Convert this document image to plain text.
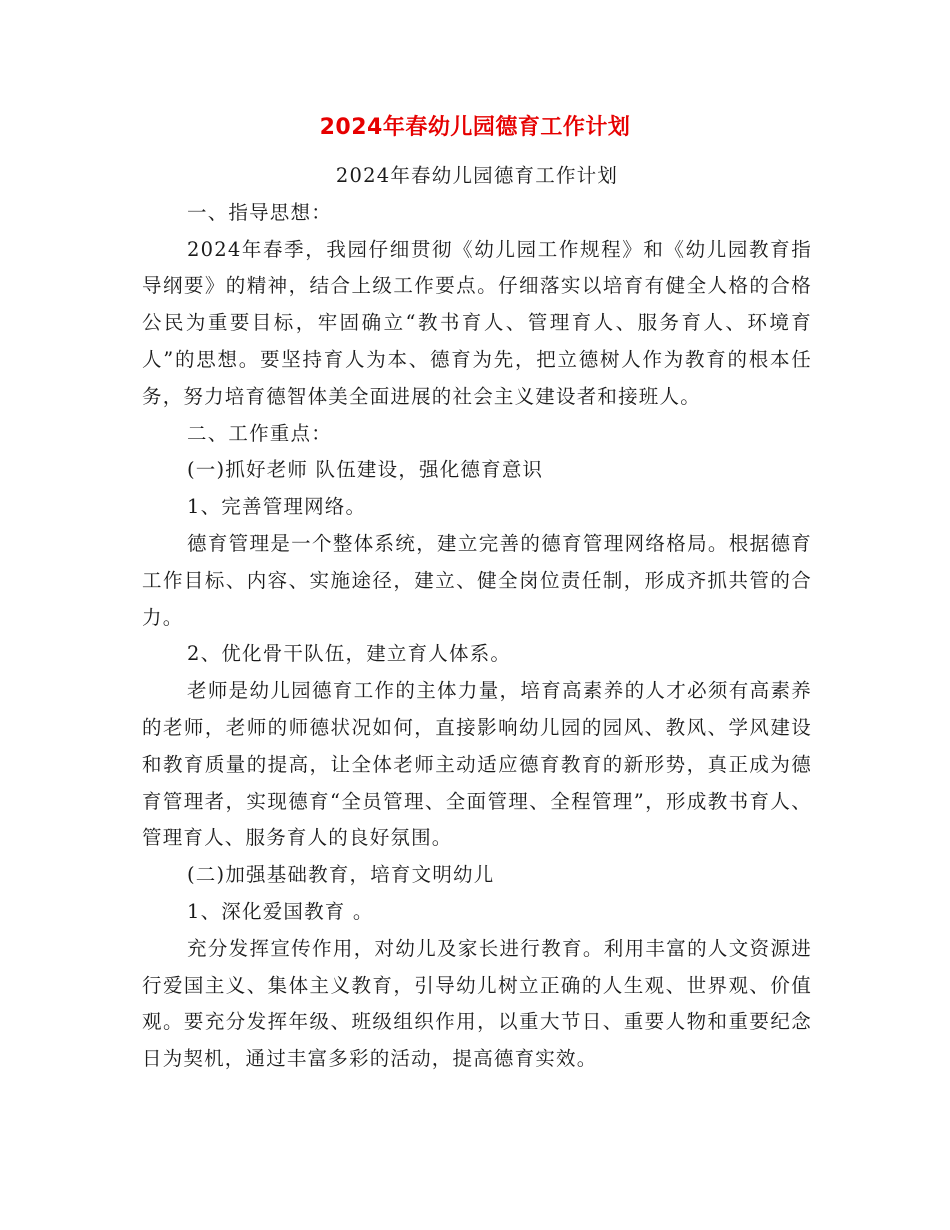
2024年春幼儿园德育工作计划

2024年春幼儿园德育工作计划

一、指导思想：

2024年春季，我园仔细贯彻《幼儿园工作规程》和《幼儿园教育指导纲要》的精神，结合上级工作要点。仔细落实以培育有健全人格的合格公民为重要目标，牢固确立“教书育人、管理育人、服务育人、环境育人”的思想。要坚持育人为本、德育为先，把立德树人作为教育的根本任务，努力培育德智体美全面进展的社会主义建设者和接班人。

二、工作重点：

(一)抓好老师 队伍建设，强化德育意识

1、完善管理网络。

德育管理是一个整体系统，建立完善的德育管理网络格局。根据德育工作目标、内容、实施途径，建立、健全岗位责任制，形成齐抓共管的合力。

2、优化骨干队伍，建立育人体系。

老师是幼儿园德育工作的主体力量，培育高素养的人才必须有高素养的老师，老师的师德状况如何，直接影响幼儿园的园风、教风、学风建设和教育质量的提高，让全体老师主动适应德育教育的新形势，真正成为德育管理者，实现德育“全员管理、全面管理、全程管理”，形成教书育人、管理育人、服务育人的良好氛围。

(二)加强基础教育，培育文明幼儿

1、深化爱国教育 。

充分发挥宣传作用，对幼儿及家长进行教育。利用丰富的人文资源进行爱国主义、集体主义教育，引导幼儿树立正确的人生观、世界观、价值观。要充分发挥年级、班级组织作用，以重大节日、重要人物和重要纪念日为契机，通过丰富多彩的活动，提高德育实效。
